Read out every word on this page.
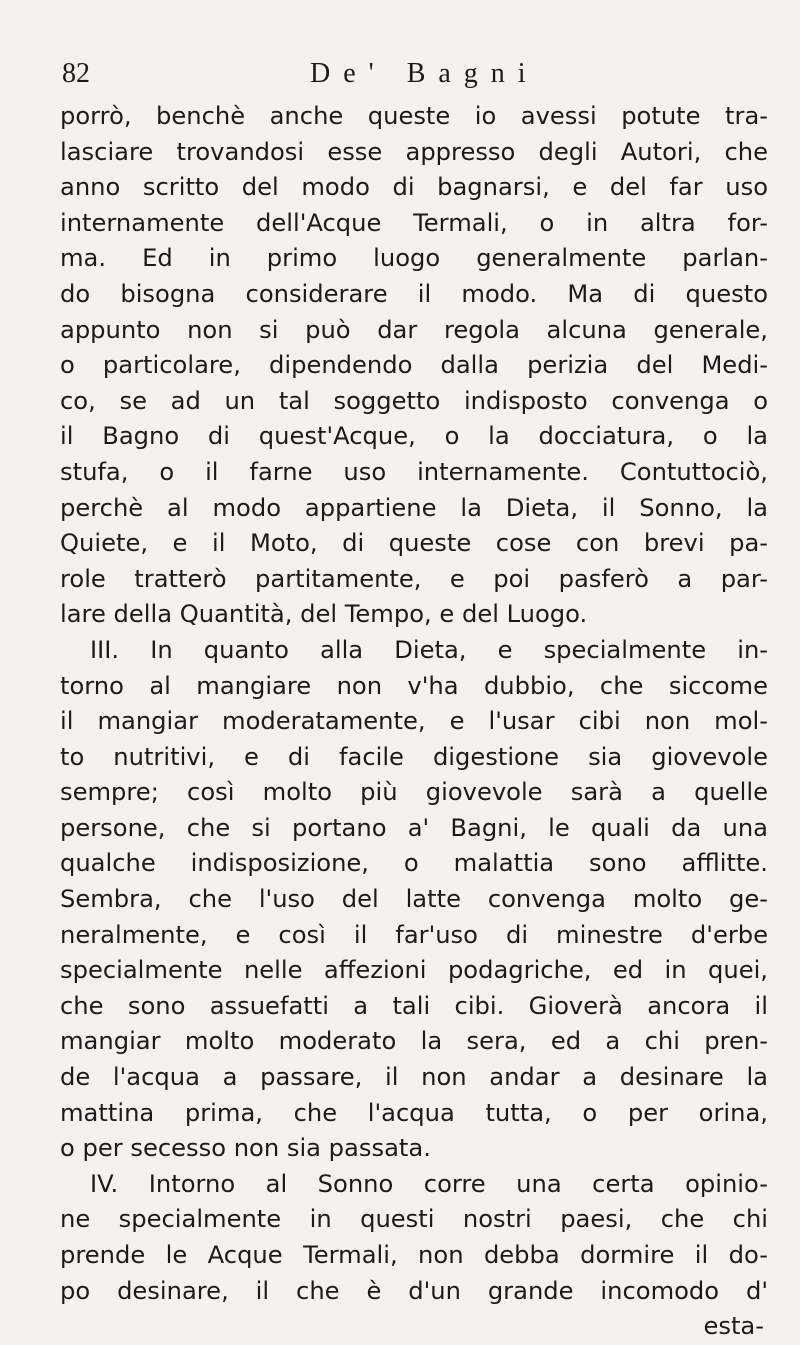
82	De' Bagni
porrò, benchè anche queste io avessi potute tra-
lasciare trovandosi esse appresso degli Autori, che
anno scritto del modo di bagnarsi, e del far uso
internamente dell'Acque Termali, o in altra for-
ma. Ed in primo luogo generalmente parlan-
do bisogna considerare il modo. Ma di questo
appunto non si può dar regola alcuna generale,
o particolare, dipendendo dalla perizia del Medi-
co, se ad un tal soggetto indisposto convenga o
il Bagno di quest'Acque, o la docciatura, o la
stufa, o il farne uso internamente. Contuttociò,
perchè al modo appartiene la Dieta, il Sonno, la
Quiete, e il Moto, di queste cose con brevi pa-
role tratterò partitamente, e poi pasferò a par-
lare della Quantità, del Tempo, e del Luogo.
III. In quanto alla Dieta, e specialmente in-
torno al mangiare non v'ha dubbio, che siccome
il mangiar moderatamente, e l'usar cibi non mol-
to nutritivi, e di facile digestione sia giovevole
sempre; così molto più giovevole sarà a quelle
persone, che si portano a' Bagni, le quali da una
qualche indisposizione, o malattia sono afflitte.
Sembra, che l'uso del latte convenga molto ge-
neralmente, e così il far'uso di minestre d'erbe
specialmente nelle affezioni podagriche, ed in quei,
che sono assuefatti a tali cibi. Gioverà ancora il
mangiar molto moderato la sera, ed a chi pren-
de l'acqua a passare, il non andar a desinare la
mattina prima, che l'acqua tutta, o per orina,
o per secesso non sia passata.
IV. Intorno al Sonno corre una certa opinio-
ne specialmente in questi nostri paesi, che chi
prende le Acque Termali, non debba dormire il do-
po desinare, il che è d'un grande incomodo d'
esta-
